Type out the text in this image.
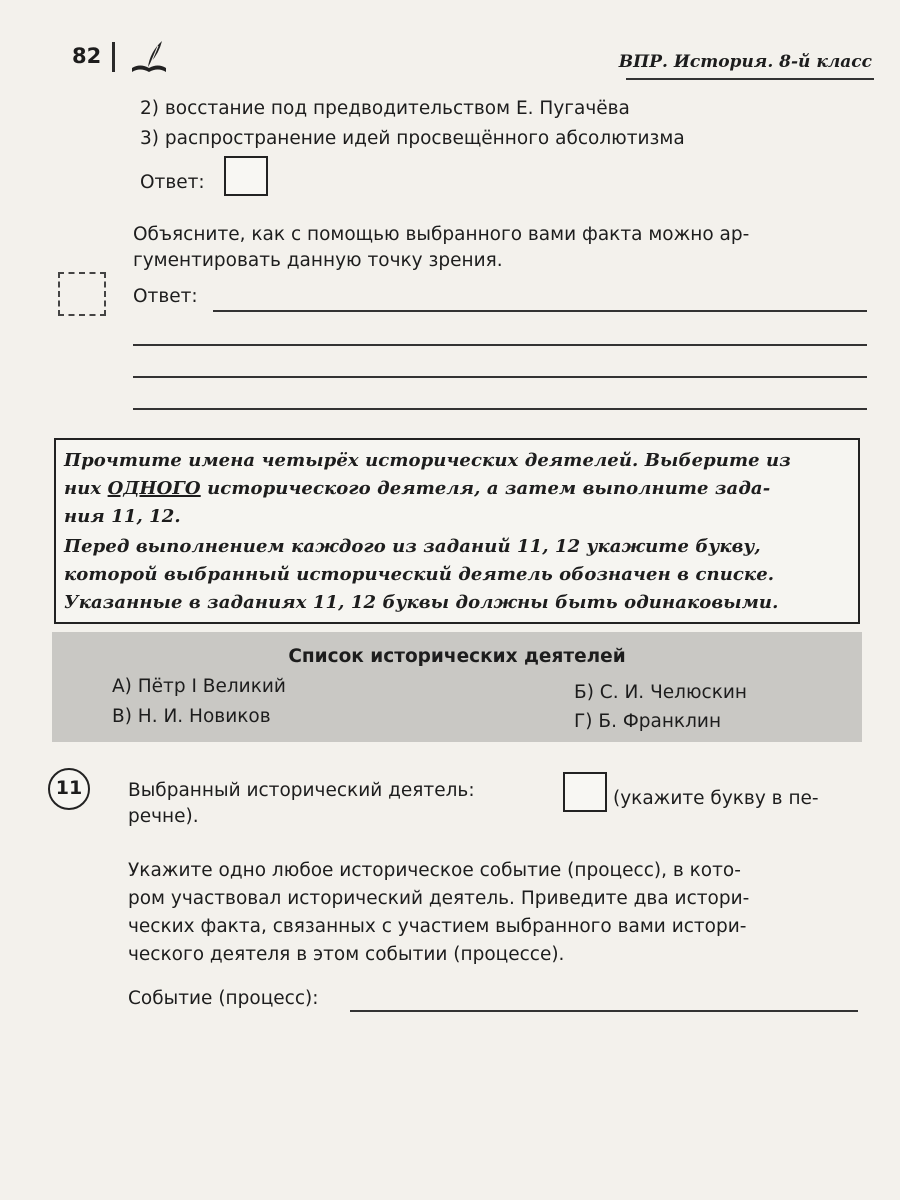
82	ВПР. История. 8-й класс
2) восстание под предводительством Е. Пугачёва
3) распространение идей просвещённого абсолютизма
Ответ:
Объясните, как с помощью выбранного вами факта можно ар-
гументировать данную точку зрения.
Ответ:
Прочтите имена четырёх исторических деятелей. Выберите из
них ОДНОГО исторического деятеля, а затем выполните зада-
ния 11, 12.
Перед выполнением каждого из заданий 11, 12 укажите букву,
которой выбранный исторический деятель обозначен в списке.
Указанные в заданиях 11, 12 буквы должны быть одинаковыми.
Список исторических деятелей
А) Пётр I Великий	Б) С. И. Челюскин
В) Н. И. Новиков	Г) Б. Франклин
11	Выбранный исторический деятель:	(укажите букву в пе-
речне).
Укажите одно любое историческое событие (процесс), в кото-
ром участвовал исторический деятель. Приведите два истори-
ческих факта, связанных с участием выбранного вами истори-
ческого деятеля в этом событии (процессе).
Событие (процесс):
